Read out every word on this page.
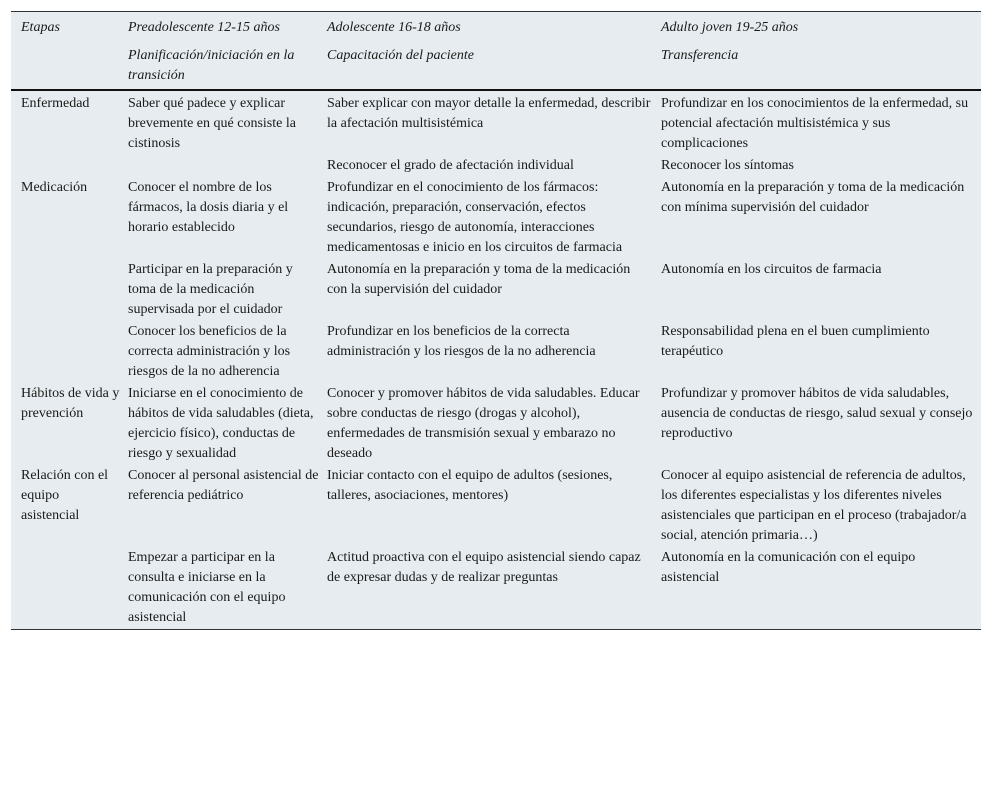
Etapas	Preadolescente 12-15 años	Adolescente 16-18 años	Adulto joven 19-25 años
	Planificación/iniciación en la transición	Capacitación del paciente	Transferencia
Enfermedad	Saber qué padece y explicar brevemente en qué consiste la cistinosis	Saber explicar con mayor detalle la enfermedad, describir la afectación multisistémica	Profundizar en los conocimientos de la enfermedad, su potencial afectación multisistémica y sus complicaciones
		Reconocer el grado de afectación individual	Reconocer los síntomas
Medicación	Conocer el nombre de los fármacos, la dosis diaria y el horario establecido	Profundizar en el conocimiento de los fármacos: indicación, preparación, conservación, efectos secundarios, riesgo de autonomía, interacciones medicamentosas e inicio en los circuitos de farmacia	Autonomía en la preparación y toma de la medicación con mínima supervisión del cuidador
	Participar en la preparación y toma de la medicación supervisada por el cuidador	Autonomía en la preparación y toma de la medicación con la supervisión del cuidador	Autonomía en los circuitos de farmacia
	Conocer los beneficios de la correcta administración y los riesgos de la no adherencia	Profundizar en los beneficios de la correcta administración y los riesgos de la no adherencia	Responsabilidad plena en el buen cumplimiento terapéutico
Hábitos de vida y prevención	Iniciarse en el conocimiento de hábitos de vida saludables (dieta, ejercicio físico), conductas de riesgo y sexualidad	Conocer y promover hábitos de vida saludables. Educar sobre conductas de riesgo (drogas y alcohol), enfermedades de transmisión sexual y embarazo no deseado	Profundizar y promover hábitos de vida saludables, ausencia de conductas de riesgo, salud sexual y consejo reproductivo
Relación con el equipo asistencial	Conocer al personal asistencial de referencia pediátrico	Iniciar contacto con el equipo de adultos (sesiones, talleres, asociaciones, mentores)	Conocer al equipo asistencial de referencia de adultos, los diferentes especialistas y los diferentes niveles asistenciales que participan en el proceso (trabajador/a social, atención primaria…)
	Empezar a participar en la consulta e iniciarse en la comunicación con el equipo asistencial	Actitud proactiva con el equipo asistencial siendo capaz de expresar dudas y de realizar preguntas	Autonomía en la comunicación con el equipo asistencial
